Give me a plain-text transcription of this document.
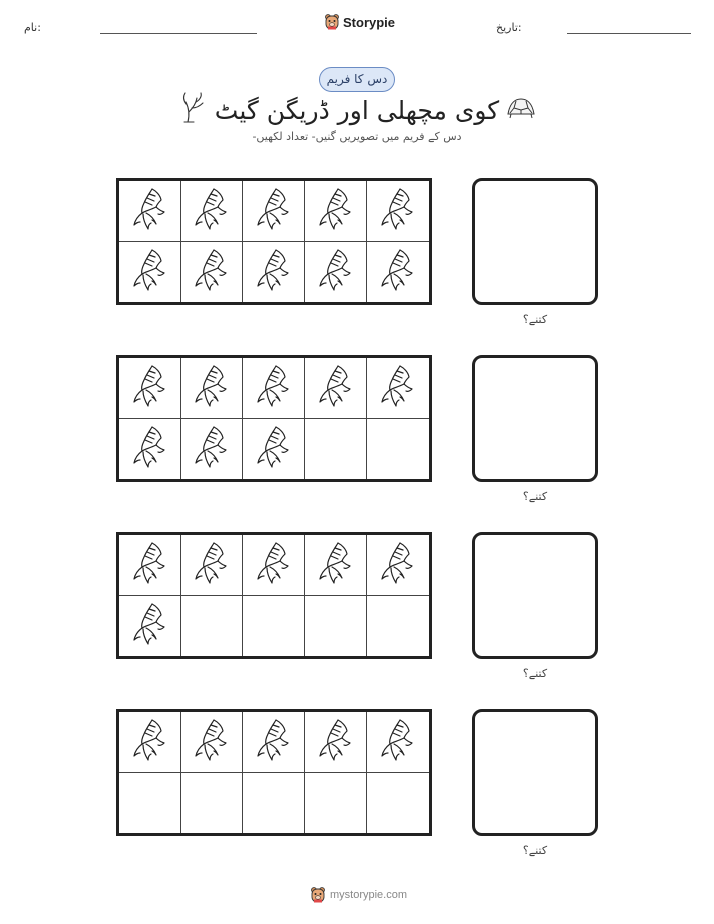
نام:	Storypie	تاریخ:
دس کا فریم
کوی مچھلی اور ڈریگن گیٹ
دس کے فریم میں تصویریں گنیں- تعداد لکھیں-
کتنے؟
کتنے؟
کتنے؟
کتنے؟
mystorypie.com
